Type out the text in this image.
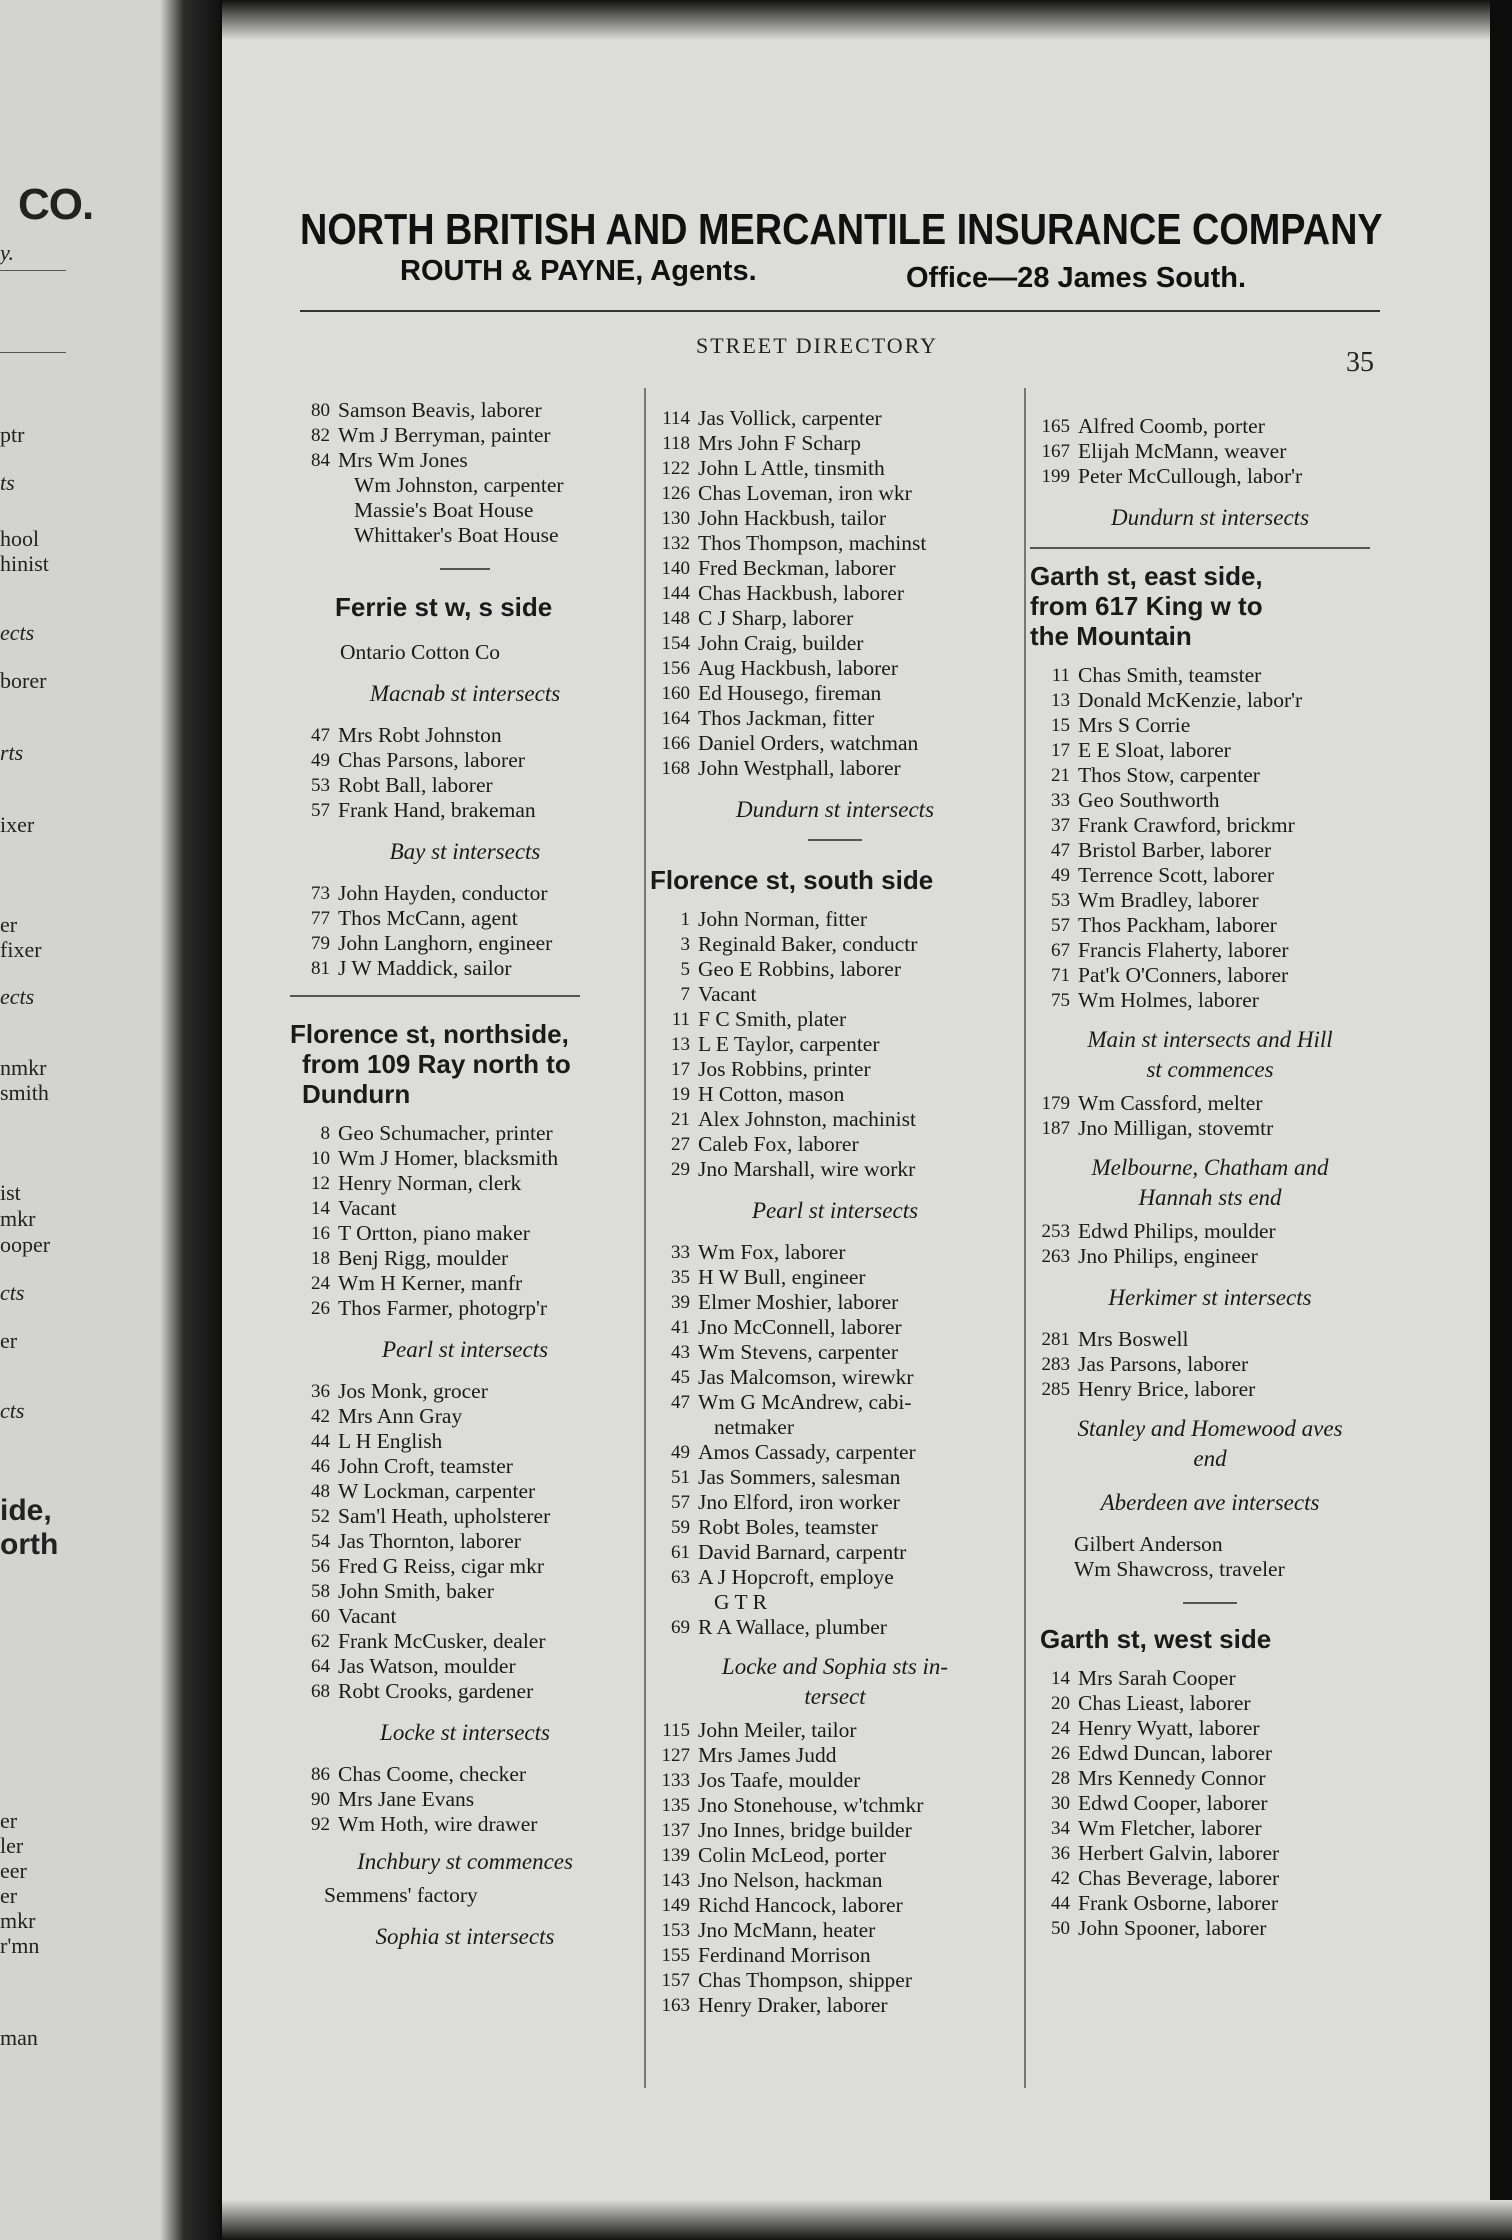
CO.
y.
ptr
ts
hool
hinist
ects
borer
rts
ixer
er
fixer
ects
nmkr
smith
ist
mkr
ooper
cts
er
cts
ide,
orth
er
ler
eer
er
mkr
r'mn
man
NORTH BRITISH AND MERCANTILE INSURANCE COMPANY
ROUTH & PAYNE, Agents.	Office—28 James South.
STREET DIRECTORY
35
80 Samson Beavis, laborer
82 Wm J Berryman, painter
84 Mrs Wm Jones
Wm Johnston, carpenter
Massie's Boat House
Whittaker's Boat House
Ferrie st w, s side
Ontario Cotton Co
Macnab st intersects
47 Mrs Robt Johnston
49 Chas Parsons, laborer
53 Robt Ball, laborer
57 Frank Hand, brakeman
Bay st intersects
73 John Hayden, conductor
77 Thos McCann, agent
79 John Langhorn, engineer
81 J W Maddick, sailor
Florence st, northside,
from 109 Ray north to
Dundurn
8 Geo Schumacher, printer
10 Wm J Homer, blacksmith
12 Henry Norman, clerk
14 Vacant
16 T Ortton, piano maker
18 Benj Rigg, moulder
24 Wm H Kerner, manfr
26 Thos Farmer, photogrp'r
Pearl st intersects
36 Jos Monk, grocer
42 Mrs Ann Gray
44 L H English
46 John Croft, teamster
48 W Lockman, carpenter
52 Sam'l Heath, upholsterer
54 Jas Thornton, laborer
56 Fred G Reiss, cigar mkr
58 John Smith, baker
60 Vacant
62 Frank McCusker, dealer
64 Jas Watson, moulder
68 Robt Crooks, gardener
Locke st intersects
86 Chas Coome, checker
90 Mrs Jane Evans
92 Wm Hoth, wire drawer
Inchbury st commences
Semmens' factory
Sophia st intersects
114 Jas Vollick, carpenter
118 Mrs John F Scharp
122 John L Attle, tinsmith
126 Chas Loveman, iron wkr
130 John Hackbush, tailor
132 Thos Thompson, machinst
140 Fred Beckman, laborer
144 Chas Hackbush, laborer
148 C J Sharp, laborer
154 John Craig, builder
156 Aug Hackbush, laborer
160 Ed Housego, fireman
164 Thos Jackman, fitter
166 Daniel Orders, watchman
168 John Westphall, laborer
Dundurn st intersects
Florence st, south side
1 John Norman, fitter
3 Reginald Baker, conductr
5 Geo E Robbins, laborer
7 Vacant
11 F C Smith, plater
13 L E Taylor, carpenter
17 Jos Robbins, printer
19 H Cotton, mason
21 Alex Johnston, machinist
27 Caleb Fox, laborer
29 Jno Marshall, wire workr
Pearl st intersects
33 Wm Fox, laborer
35 H W Bull, engineer
39 Elmer Moshier, laborer
41 Jno McConnell, laborer
43 Wm Stevens, carpenter
45 Jas Malcomson, wirewkr
47 Wm G McAndrew, cabi-
netmaker
49 Amos Cassady, carpenter
51 Jas Sommers, salesman
57 Jno Elford, iron worker
59 Robt Boles, teamster
61 David Barnard, carpentr
63 A J Hopcroft, employe
G T R
69 R A Wallace, plumber
Locke and Sophia sts in-
tersect
115 John Meiler, tailor
127 Mrs James Judd
133 Jos Taafe, moulder
135 Jno Stonehouse, w'tchmkr
137 Jno Innes, bridge builder
139 Colin McLeod, porter
143 Jno Nelson, hackman
149 Richd Hancock, laborer
153 Jno McMann, heater
155 Ferdinand Morrison
157 Chas Thompson, shipper
163 Henry Draker, laborer
165 Alfred Coomb, porter
167 Elijah McMann, weaver
199 Peter McCullough, labor'r
Dundurn st intersects
Garth st, east side,
from 617 King w to
the Mountain
11 Chas Smith, teamster
13 Donald McKenzie, labor'r
15 Mrs S Corrie
17 E E Sloat, laborer
21 Thos Stow, carpenter
33 Geo Southworth
37 Frank Crawford, brickmr
47 Bristol Barber, laborer
49 Terrence Scott, laborer
53 Wm Bradley, laborer
57 Thos Packham, laborer
67 Francis Flaherty, laborer
71 Pat'k O'Conners, laborer
75 Wm Holmes, laborer
Main st intersects and Hill
st commences
179 Wm Cassford, melter
187 Jno Milligan, stovemtr
Melbourne, Chatham and
Hannah sts end
253 Edwd Philips, moulder
263 Jno Philips, engineer
Herkimer st intersects
281 Mrs Boswell
283 Jas Parsons, laborer
285 Henry Brice, laborer
Stanley and Homewood aves
end
Aberdeen ave intersects
Gilbert Anderson
Wm Shawcross, traveler
Garth st, west side
14 Mrs Sarah Cooper
20 Chas Lieast, laborer
24 Henry Wyatt, laborer
26 Edwd Duncan, laborer
28 Mrs Kennedy Connor
30 Edwd Cooper, laborer
34 Wm Fletcher, laborer
36 Herbert Galvin, laborer
42 Chas Beverage, laborer
44 Frank Osborne, laborer
50 John Spooner, laborer
